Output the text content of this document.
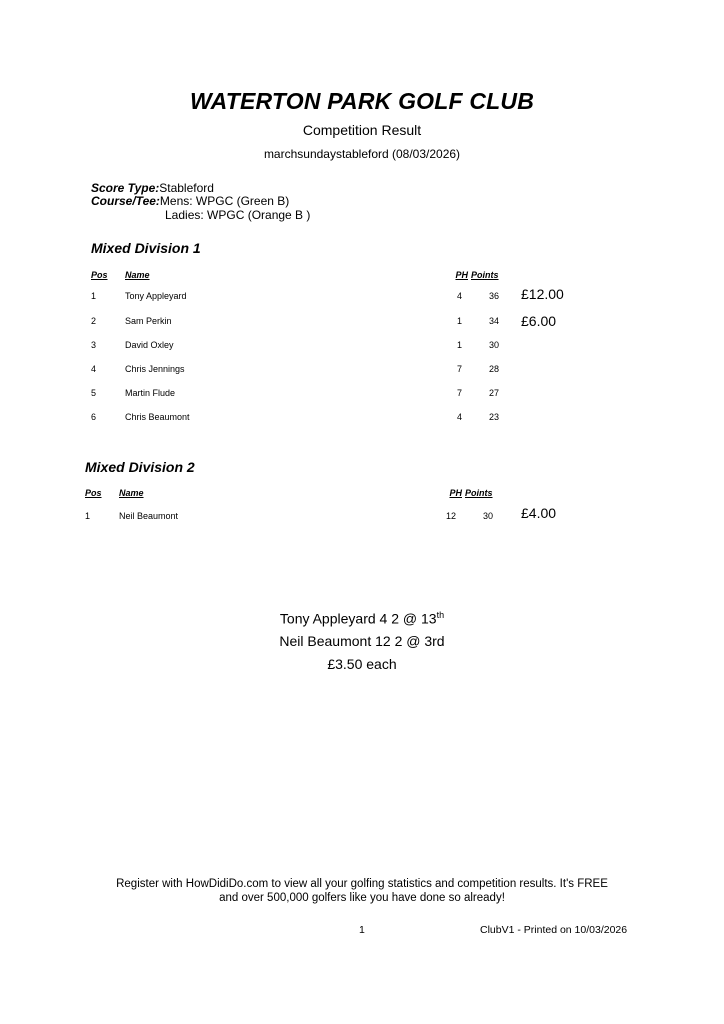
WATERTON PARK GOLF CLUB
Competition Result
marchsundaystableford (08/03/2026)
Score Type:Stableford
Course/Tee:Mens: WPGC (Green B)
Ladies: WPGC (Orange B )
Mixed Division 1
Pos Name	PH Points
1	Tony Appleyard	4	36 £12.00
2	Sam Perkin	1	34 £6.00
3	David Oxley	1	30
4	Chris Jennings	7	28
5	Martin Flude	7	27
6	Chris Beaumont	4	23
Mixed Division 2
Pos Name	PH Points
1	Neil Beaumont	12	30 £4.00
Tony Appleyard 4 2 @ 13th
Neil Beaumont 12 2 @ 3rd
£3.50 each
Register with HowDidiDo.com to view all your golfing statistics and competition results. It's FREE
and over 500,000 golfers like you have done so already!
1	ClubV1 - Printed on 10/03/2026
